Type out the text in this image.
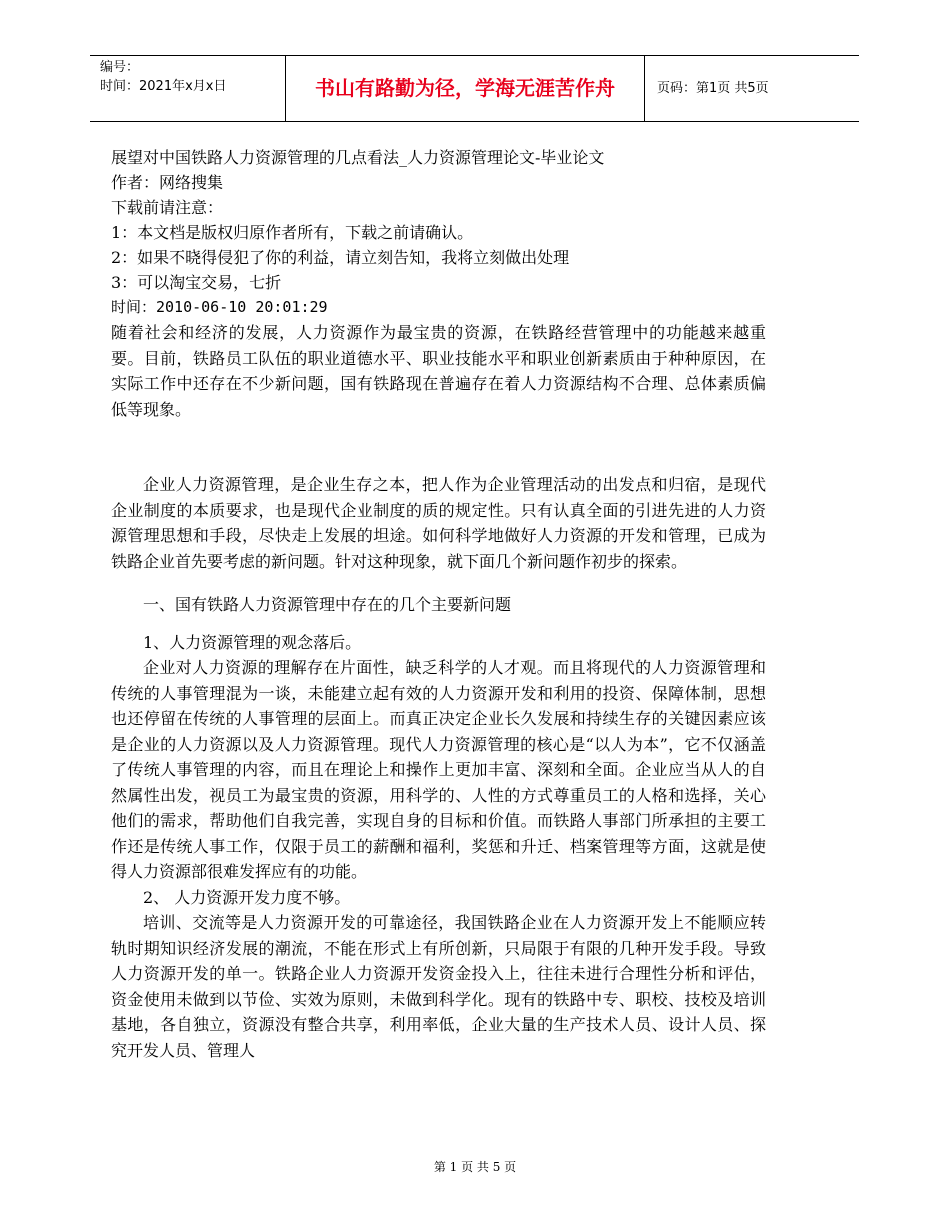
编号：
时间：2021年x月x日	书山有路勤为径，学海无涯苦作舟	页码：第1页 共5页
展望对中国铁路人力资源管理的几点看法_人力资源管理论文-毕业论文
作者：网络搜集
下载前请注意：
1：本文档是版权归原作者所有，下载之前请确认。
2：如果不晓得侵犯了你的利益，请立刻告知，我将立刻做出处理
3：可以淘宝交易，七折
时间：2010-06-10 20:01:29
随着社会和经济的发展，人力资源作为最宝贵的资源，在铁路经营管理中的功能越来越重要。目前，铁路员工队伍的职业道德水平、职业技能水平和职业创新素质由于种种原因，在实际工作中还存在不少新问题，国有铁路现在普遍存在着人力资源结构不合理、总体素质偏低等现象。
企业人力资源管理，是企业生存之本，把人作为企业管理活动的出发点和归宿，是现代企业制度的本质要求，也是现代企业制度的质的规定性。只有认真全面的引进先进的人力资源管理思想和手段，尽快走上发展的坦途。如何科学地做好人力资源的开发和管理，已成为铁路企业首先要考虑的新问题。针对这种现象，就下面几个新问题作初步的探索。
一、国有铁路人力资源管理中存在的几个主要新问题
1、人力资源管理的观念落后。
企业对人力资源的理解存在片面性，缺乏科学的人才观。而且将现代的人力资源管理和传统的人事管理混为一谈，未能建立起有效的人力资源开发和利用的投资、保障体制，思想也还停留在传统的人事管理的层面上。而真正决定企业长久发展和持续生存的关键因素应该是企业的人力资源以及人力资源管理。现代人力资源管理的核心是“以人为本”，它不仅涵盖了传统人事管理的内容，而且在理论上和操作上更加丰富、深刻和全面。企业应当从人的自然属性出发，视员工为最宝贵的资源，用科学的、人性的方式尊重员工的人格和选择，关心他们的需求，帮助他们自我完善，实现自身的目标和价值。而铁路人事部门所承担的主要工作还是传统人事工作，仅限于员工的薪酬和福利，奖惩和升迁、档案管理等方面，这就是使得人力资源部很难发挥应有的功能。
2、 人力资源开发力度不够。
培训、交流等是人力资源开发的可靠途径，我国铁路企业在人力资源开发上不能顺应转轨时期知识经济发展的潮流，不能在形式上有所创新，只局限于有限的几种开发手段。导致人力资源开发的单一。铁路企业人力资源开发资金投入上，往往未进行合理性分析和评估，资金使用未做到以节俭、实效为原则，未做到科学化。现有的铁路中专、职校、技校及培训基地，各自独立，资源没有整合共享，利用率低，企业大量的生产技术人员、设计人员、探究开发人员、管理人
第 1 页 共 5 页
